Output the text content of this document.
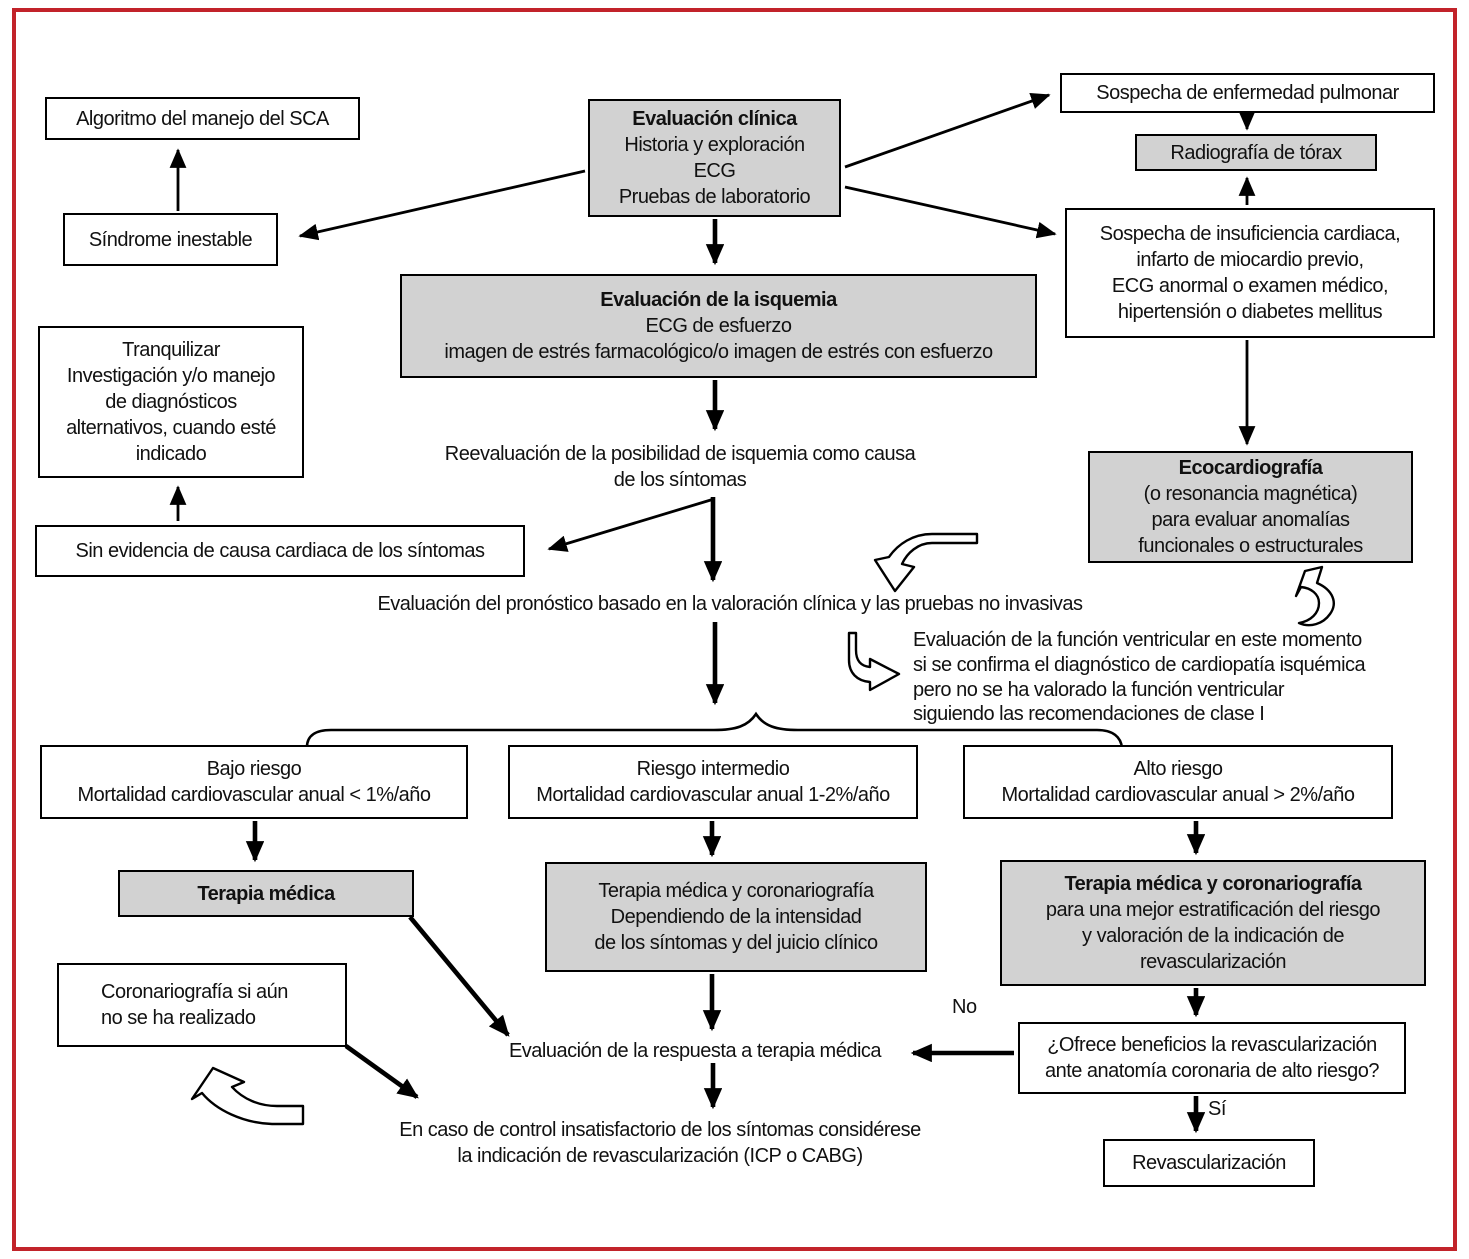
Algoritmo del manejo del SCA
Síndrome inestable
Evaluación clínica
Historia y exploración
ECG
Pruebas de laboratorio
Sospecha de enfermedad pulmonar
Radiografía de tórax
Sospecha de insuficiencia cardiaca,
infarto de miocardio previo,
ECG anormal o examen médico,
hipertensión o diabetes mellitus
Evaluación de la isquemia
ECG de esfuerzo
imagen de estrés farmacológico/o imagen de estrés con esfuerzo
Tranquilizar
Investigación y/o manejo
de diagnósticos
alternativos, cuando esté
indicado
Sin evidencia de causa cardiaca de los síntomas
Ecocardiografía
(o resonancia magnética)
para evaluar anomalías
funcionales o estructurales
Bajo riesgo
Mortalidad cardiovascular anual < 1%/año
Riesgo intermedio
Mortalidad cardiovascular anual 1-2%/año
Alto riesgo
Mortalidad cardiovascular anual > 2%/año
Terapia médica	Terapia médica y coronariografía
Dependiendo de la intensidad
de los síntomas y del juicio clínico
Terapia médica y coronariografía
para una mejor estratificación del riesgo
y valoración de la indicación de
revascularización
Coronariografía si aún
no se ha realizado
¿Ofrece beneficios la revascularización
ante anatomía coronaria de alto riesgo?
Revascularización
Reevaluación de la posibilidad de isquemia como causa
de los síntomas
Evaluación del pronóstico basado en la valoración clínica y las pruebas no invasivas
Evaluación de la función ventricular en este momento
si se confirma el diagnóstico de cardiopatía isquémica
pero no se ha valorado la función ventricular
siguiendo las recomendaciones de clase I
Evaluación de la respuesta a terapia médica
En caso de control insatisfactorio de los síntomas considérese
la indicación de revascularización (ICP o CABG)
No
Sí
